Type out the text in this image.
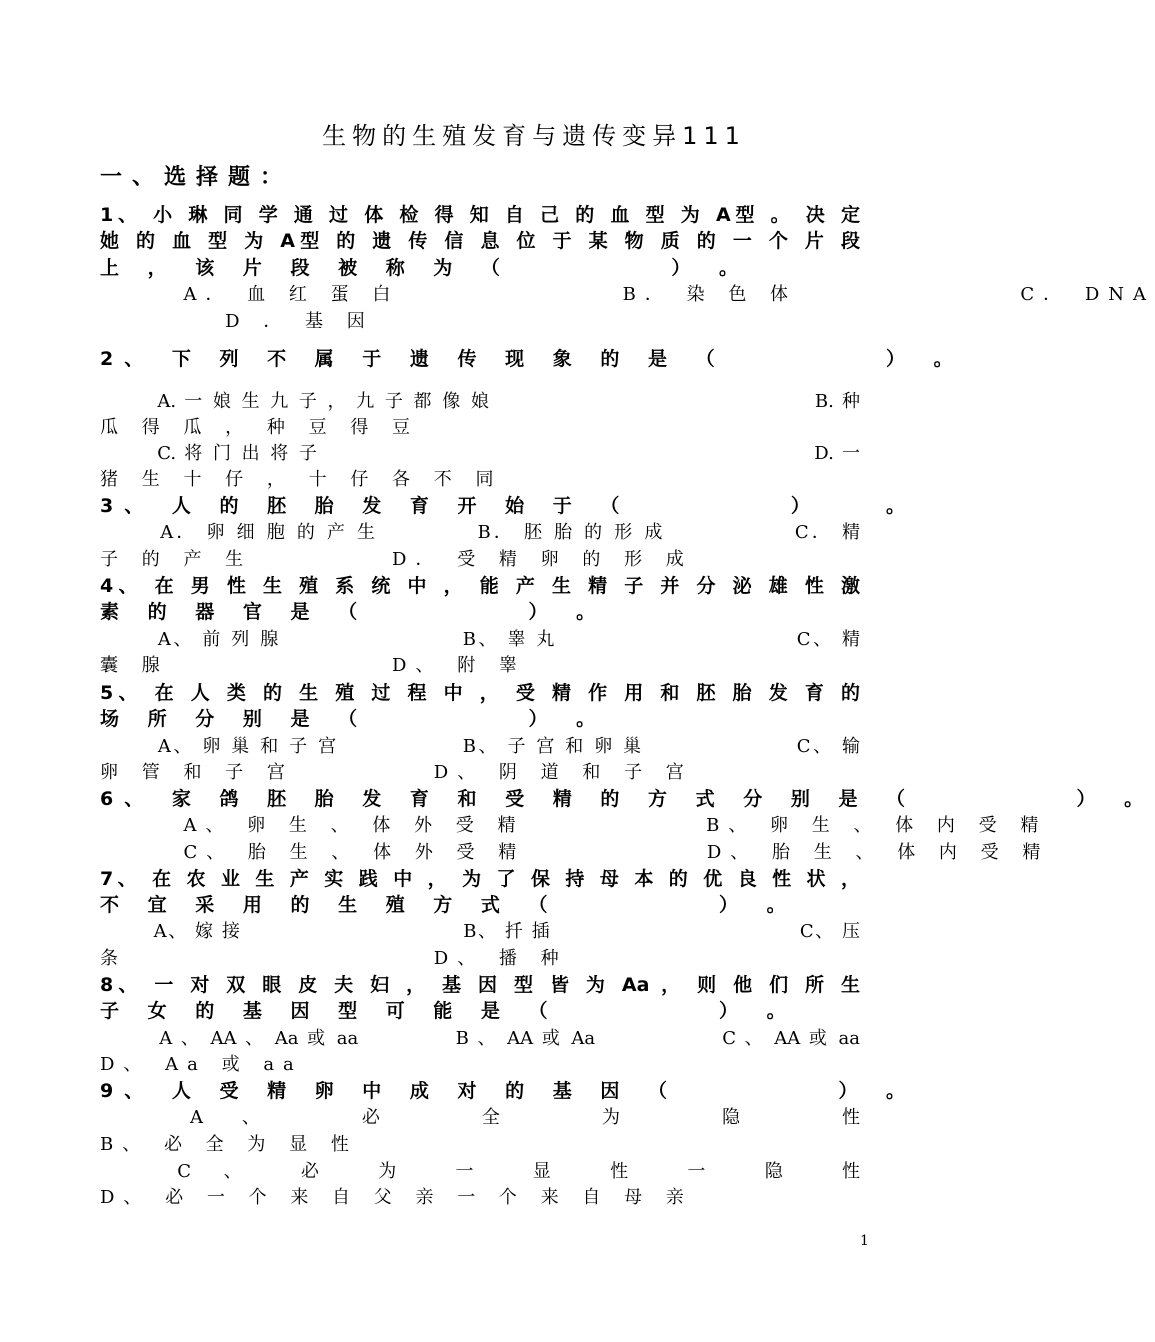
生物的生殖发育与遗传变异111
一、选择题：
1、 小 琳 同 学 通 过 体 检 得 知 自 己 的 血 型 为 A型 。 决 定
她 的 血 型 为 A型 的 遗 传 信 息 位 于 某 物 质 的 一 个 片 段
上 ， 该 片 段 被 称 为 （ 　 　 　 ） 。
　 　 A． 血 红 蛋 白 　 　 　 　 　 B． 染 色 体 　 　 　 　 　 C． DNA
　 　 　 D ． 基 因
2、 下 列 不 属 于 遗 传 现 象 的 是 （ 　 　 　 ） 。
　 　 A. 一 娘 生 九 子 ， 九 子 都 像 娘 　 　 　 　 　 　 　 　 　 　 　 B. 种
瓜 得 瓜 ， 种 豆 得 豆
　 　 C. 将 门 出 将 子 　 　 　 　 　 　 　 　 　 　 　 　 　 　 　 　 　 D. 一
猪 生 十 仔 ， 十 仔 各 不 同
3、 人 的 胚 胎 发 育 开 始 于 （ 　 　 　 ） 　 。
　 　 A． 卵 细 胞 的 产 生 　 　 　 B． 胚 胎 的 形 成 　 　 　 　 C． 精
子 的 产 生 　 　 　 D． 受 精 卵 的 形 成
4、 在 男 性 生 殖 系 统 中 ， 能 产 生 精 子 并 分 泌 雄 性 激
素 的 器 官 是 （ 　 　 　 ） 。
　 　 A、 前 列 腺 　 　 　 　 　 　 B、 睾 丸 　 　 　 　 　 　 　 　 C、 精
囊 腺 　 　 　 　 　 D、 附 睾
5、 在 人 类 的 生 殖 过 程 中 ， 受 精 作 用 和 胚 胎 发 育 的
场 所 分 别 是 （ 　 　 　 ） 。
　 　 A、 卵 巢 和 子 宫 　 　 　 　 B、 子 宫 和 卵 巢 　 　 　 　 　 C、 输
卵 管 和 子 宫 　 　 　 D、 阴 道 和 子 宫
6、 家 鸽 胚 胎 发 育 和 受 精 的 方 式 分 别 是 （ 　 　 　 ） 。
　 　 A、 卵 生 、 体 外 受 精 　 　 　 　 B、 卵 生 、 体 内 受 精
　 　 C、 胎 生 、 体 外 受 精 　 　 　 　 D、 胎 生 、 体 内 受 精
7、 在 农 业 生 产 实 践 中 ， 为 了 保 持 母 本 的 优 良 性 状 ，
不 宜 采 用 的 生 殖 方 式 （ 　 　 　 ） 。
　 　 A、 嫁 接 　 　 　 　 　 　 　 　 B、 扦 插 　 　 　 　 　 　 　 　 　 C、 压
条 　 　 　 　 　 　 　 D、 播 种
8、 一 对 双 眼 皮 夫 妇 ， 基 因 型 皆 为 Aa ， 则 他 们 所 生
子 女 的 基 因 型 可 能 是 （ 　 　 　 ） 。
　 　 A 、 AA 、 Aa 或 aa 　 　 　 B 、 AA 或 Aa 　 　 　 　 C 、 AA 或 aa
D、 Aa 或 aa
9、 人 受 精 卵 中 成 对 的 基 因 （ 　 　 　 ） 。
　 　 　 A 　 、 　 　 　 必 　 　 　 全 　 　 　 为 　 　 　 隐 　 　 　 性
B、 必 全 为 显 性
　 　 　 C 　 、 　 　 必 　 　 为 　 　 一 　 　 显 　 　 性 　 　 一 　 　 隐 　 　 性
D、 必 一 个 来 自 父 亲 一 个 来 自 母 亲
1
